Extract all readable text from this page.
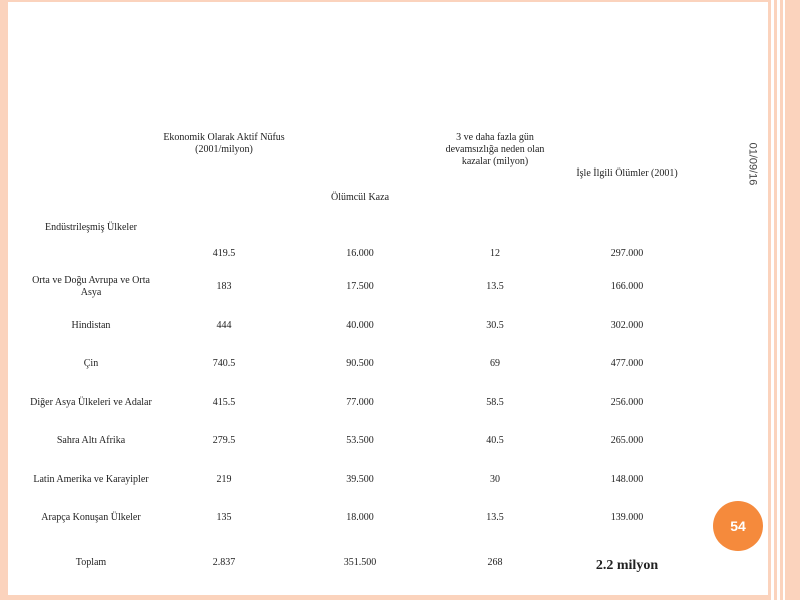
01/09/16
	Ekonomik Olarak Aktif Nüfus (2001/milyon)	Ölümcül Kaza	3 ve daha fazla gün devamsızlığa neden olan kazalar (milyon)	İşle İlgili Ölümler (2001)
Endüstrileşmiş Ülkeler	419.5	16.000	12	297.000
Orta ve Doğu Avrupa ve Orta Asya	183	17.500	13.5	166.000
Hindistan	444	40.000	30.5	302.000
Çin	740.5	90.500	69	477.000
Diğer Asya Ülkeleri ve Adalar	415.5	77.000	58.5	256.000
Sahra Altı Afrika	279.5	53.500	40.5	265.000
Latin Amerika ve Karayipler	219	39.500	30	148.000
Arapça Konuşan Ülkeler	135	18.000	13.5	139.000
Toplam	2.837	351.500	268	2.2 milyon
54
